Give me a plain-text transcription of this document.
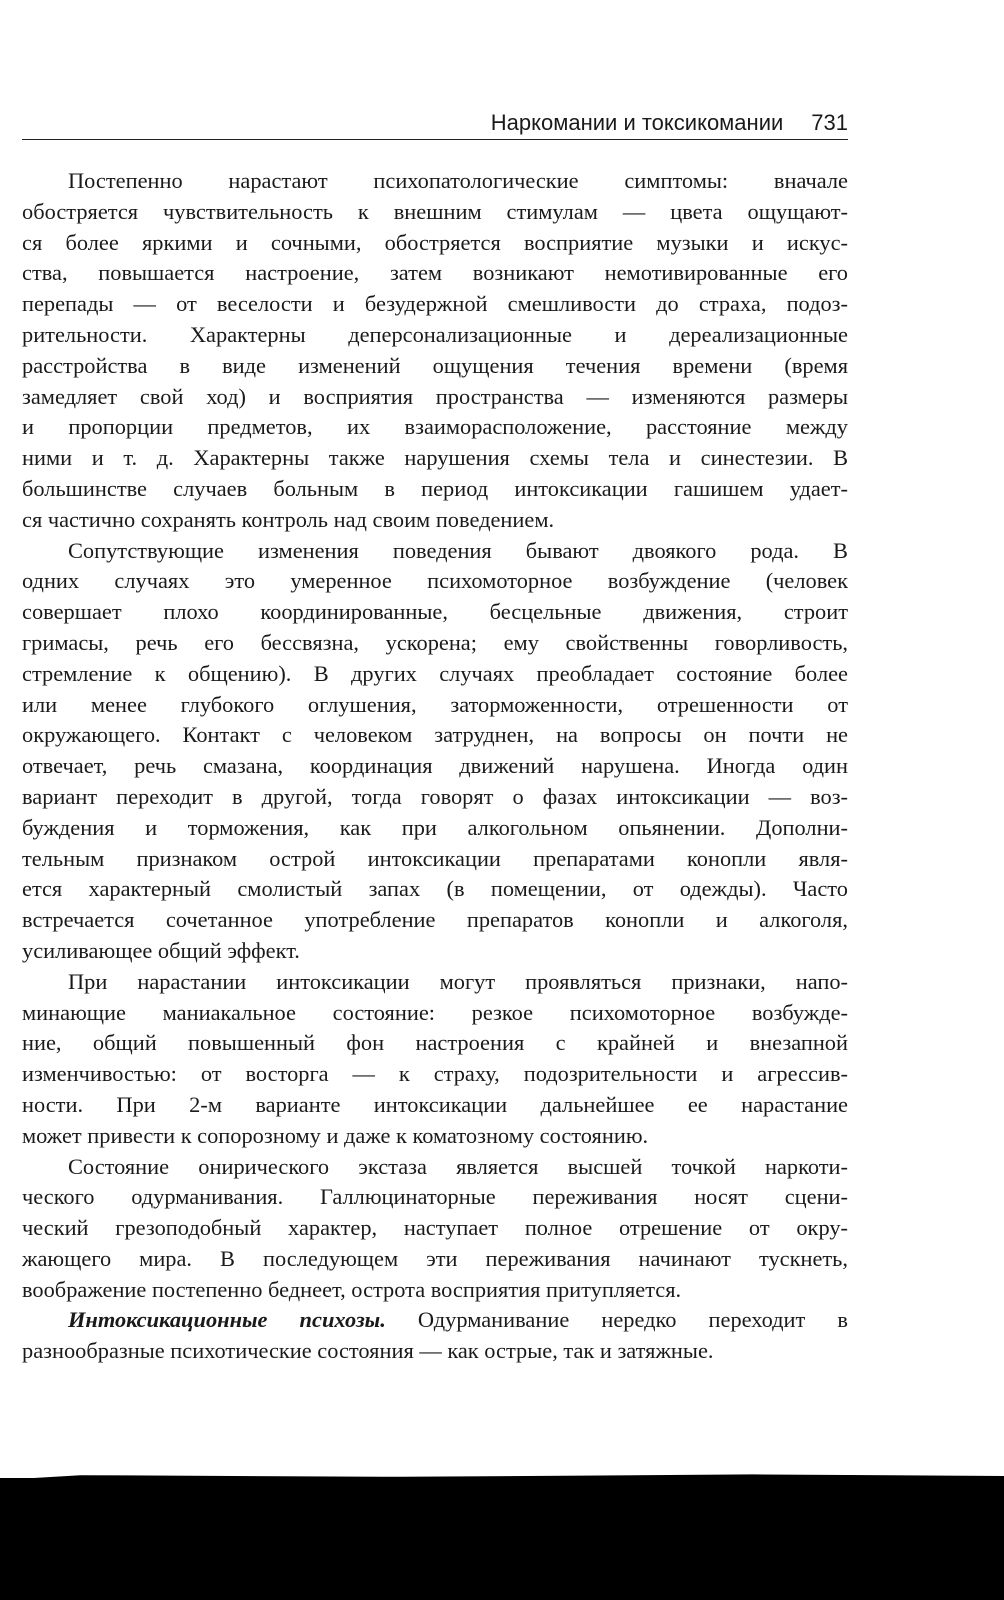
Наркомании и токсикомании 731
Постепенно нарастают психопатологические симптомы: вначале
обостряется чувствительность к внешним стимулам — цвета ощущают-
ся более яркими и сочными, обостряется восприятие музыки и искус-
ства, повышается настроение, затем возникают немотивированные его
перепады — от веселости и безудержной смешливости до страха, подоз-
рительности. Характерны деперсонализационные и дереализационные
расстройства в виде изменений ощущения течения времени (время
замедляет свой ход) и восприятия пространства — изменяются размеры
и пропорции предметов, их взаиморасположение, расстояние между
ними и т. д. Характерны также нарушения схемы тела и синестезии. В
большинстве случаев больным в период интоксикации гашишем удает-
ся частично сохранять контроль над своим поведением.
Сопутствующие изменения поведения бывают двоякого рода. В
одних случаях это умеренное психомоторное возбуждение (человек
совершает плохо координированные, бесцельные движения, строит
гримасы, речь его бессвязна, ускорена; ему свойственны говорливость,
стремление к общению). В других случаях преобладает состояние более
или менее глубокого оглушения, заторможенности, отрешенности от
окружающего. Контакт с человеком затруднен, на вопросы он почти не
отвечает, речь смазана, координация движений нарушена. Иногда один
вариант переходит в другой, тогда говорят о фазах интоксикации — воз-
буждения и торможения, как при алкогольном опьянении. Дополни-
тельным признаком острой интоксикации препаратами конопли явля-
ется характерный смолистый запах (в помещении, от одежды). Часто
встречается сочетанное употребление препаратов конопли и алкоголя,
усиливающее общий эффект.
При нарастании интоксикации могут проявляться признаки, напо-
минающие маниакальное состояние: резкое психомоторное возбужде-
ние, общий повышенный фон настроения с крайней и внезапной
изменчивостью: от восторга — к страху, подозрительности и агрессив-
ности. При 2-м варианте интоксикации дальнейшее ее нарастание
может привести к сопорозному и даже к коматозному состоянию.
Состояние онирического экстаза является высшей точкой наркоти-
ческого одурманивания. Галлюцинаторные переживания носят сцени-
ческий грезоподобный характер, наступает полное отрешение от окру-
жающего мира. В последующем эти переживания начинают тускнеть,
воображение постепенно беднеет, острота восприятия притупляется.
Интоксикационные психозы. Одурманивание нередко переходит в
разнообразные психотические состояния — как острые, так и затяжные.
